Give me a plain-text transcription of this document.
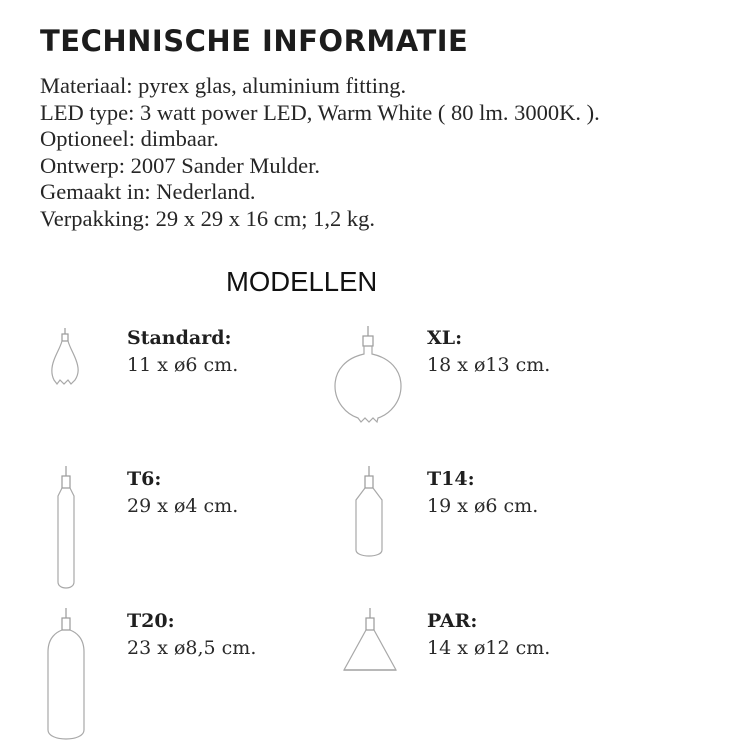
TECHNISCHE INFORMATIE
Materiaal: pyrex glas, aluminium fitting.
LED type: 3 watt power LED, Warm White ( 80 lm. 3000K. ).
Optioneel: dimbaar.
Ontwerp: 2007 Sander Mulder.
Gemaakt in: Nederland.
Verpakking: 29 x 29 x 16 cm; 1,2 kg.
MODELLEN
Standard:
11 x ø6 cm.
XL:
18 x ø13 cm.
T6:
29 x ø4 cm.
T14:
19 x ø6 cm.
T20:
23 x ø8,5 cm.
PAR:
14 x ø12 cm.
